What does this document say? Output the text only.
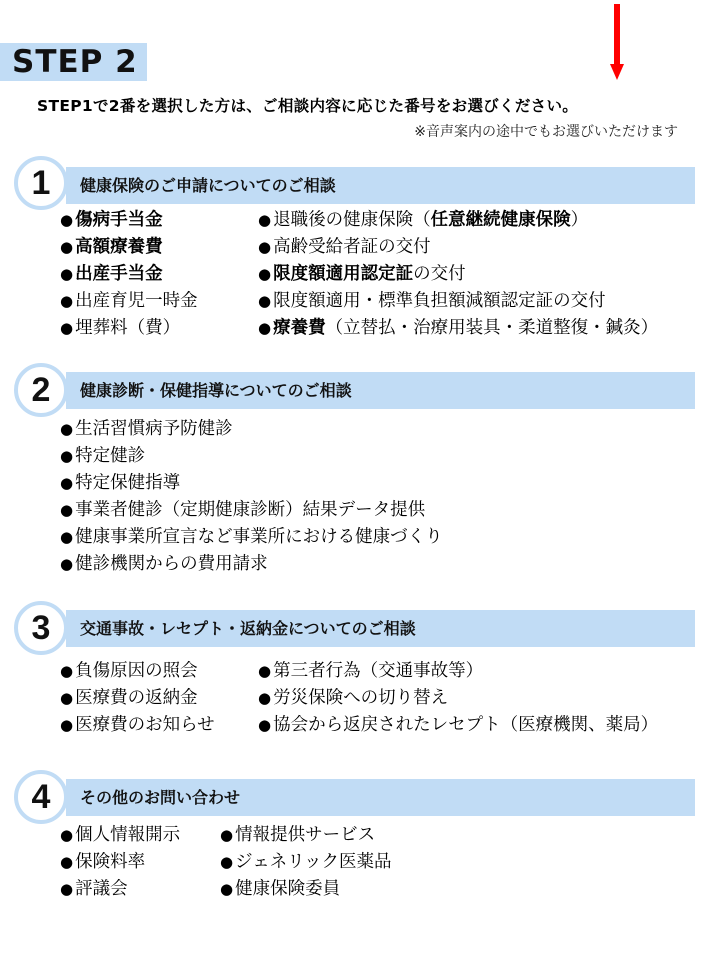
STEP 2
STEP1で2番を選択した方は、ご相談内容に応じた番号をお選びください。
※音声案内の途中でもお選びいただけます
健康保険のご申請についてのご相談
1
● 傷病手当金
● 高額療養費
● 出産手当金
● 出産育児一時金
● 埋葬料（費）
● 退職後の健康保険（任意継続健康保険）
● 高齢受給者証の交付
● 限度額適用認定証の交付
● 限度額適用・標準負担額減額認定証の交付
● 療養費（立替払・治療用装具・柔道整復・鍼灸）
健康診断・保健指導についてのご相談
2
● 生活習慣病予防健診
● 特定健診
● 特定保健指導
● 事業者健診（定期健康診断）結果データ提供
● 健康事業所宣言など事業所における健康づくり
● 健診機関からの費用請求
交通事故・レセプト・返納金についてのご相談
3
● 負傷原因の照会
● 医療費の返納金
● 医療費のお知らせ
● 第三者行為（交通事故等）
● 労災保険への切り替え
● 協会から返戻されたレセプト（医療機関、薬局）
その他のお問い合わせ
4
● 個人情報開示
● 保険料率
● 評議会
● 情報提供サービス
● ジェネリック医薬品
● 健康保険委員
